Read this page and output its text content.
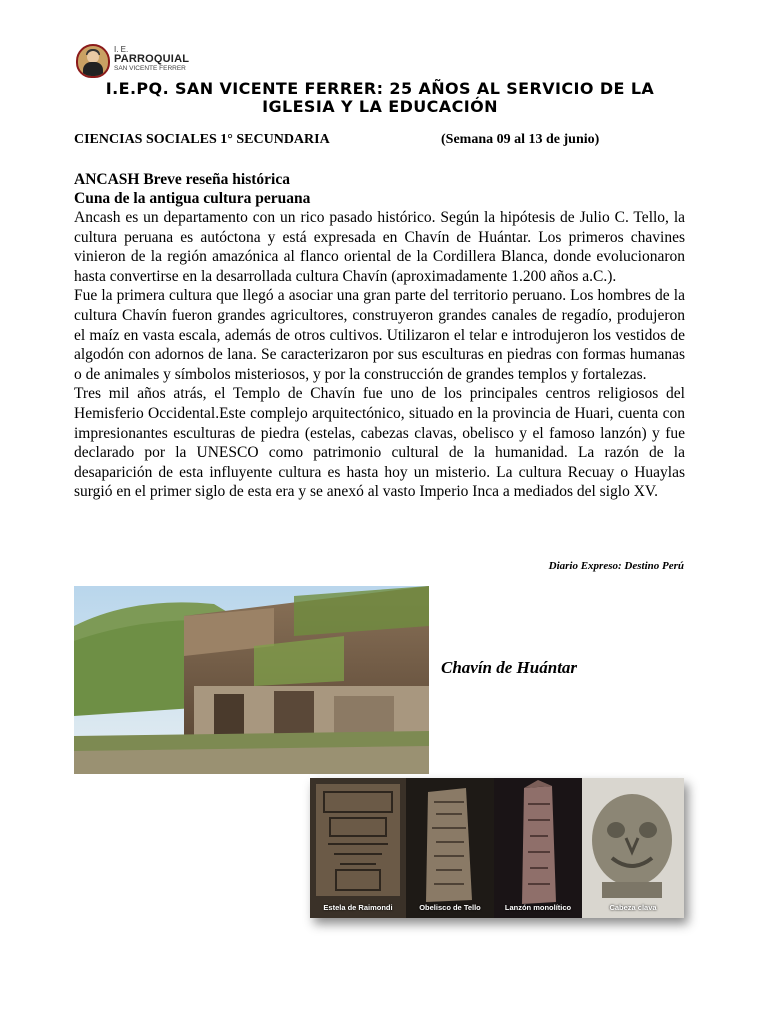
I. E.
PARROQUIAL
SAN VICENTE FERRER
I.E.PQ. SAN VICENTE FERRER: 25 AÑOS AL SERVICIO DE LA IGLESIA Y LA EDUCACIÓN
CIENCIAS SOCIALES 1° SECUNDARIA	(Semana 09 al 13 de junio)
ANCASH Breve reseña histórica
Cuna de la antigua cultura peruana

Ancash es un departamento con un rico pasado histórico. Según la hipótesis de Julio C. Tello, la cultura peruana es autóctona y está expresada en Chavín de Huántar. Los primeros chavines vinieron de la región amazónica al flanco oriental de la Cordillera Blanca, donde evolucionaron hasta convertirse en la desarrollada cultura Chavín (aproximadamente 1.200 años a.C.).

Fue la primera cultura que llegó a asociar una gran parte del territorio peruano. Los hombres de la cultura Chavín fueron grandes agricultores, construyeron grandes canales de regadío, produjeron el maíz en vasta escala, además de otros cultivos. Utilizaron el telar e introdujeron los vestidos de algodón con adornos de lana. Se caracterizaron por sus esculturas en piedras con formas humanas o de animales y símbolos misteriosos, y por la construcción de grandes templos y fortalezas.

Tres mil años atrás, el Templo de Chavín fue uno de los principales centros religiosos del Hemisferio Occidental.Este complejo arquitectónico, situado en la provincia de Huari, cuenta con impresionantes esculturas de piedra (estelas, cabezas clavas, obelisco y el famoso lanzón) y fue declarado por la UNESCO como patrimonio cultural de la humanidad. La razón de la desaparición de esta influyente cultura es hasta hoy un misterio. La cultura Recuay o Huaylas surgió en el primer siglo de esta era y se anexó al vasto Imperio Inca a mediados del siglo XV.

Diario Expreso: Destino Perú
Chavín de Huántar
Estela de Raimondi	Obelisco de Tello	Lanzón monolítico	Cabeza clava
